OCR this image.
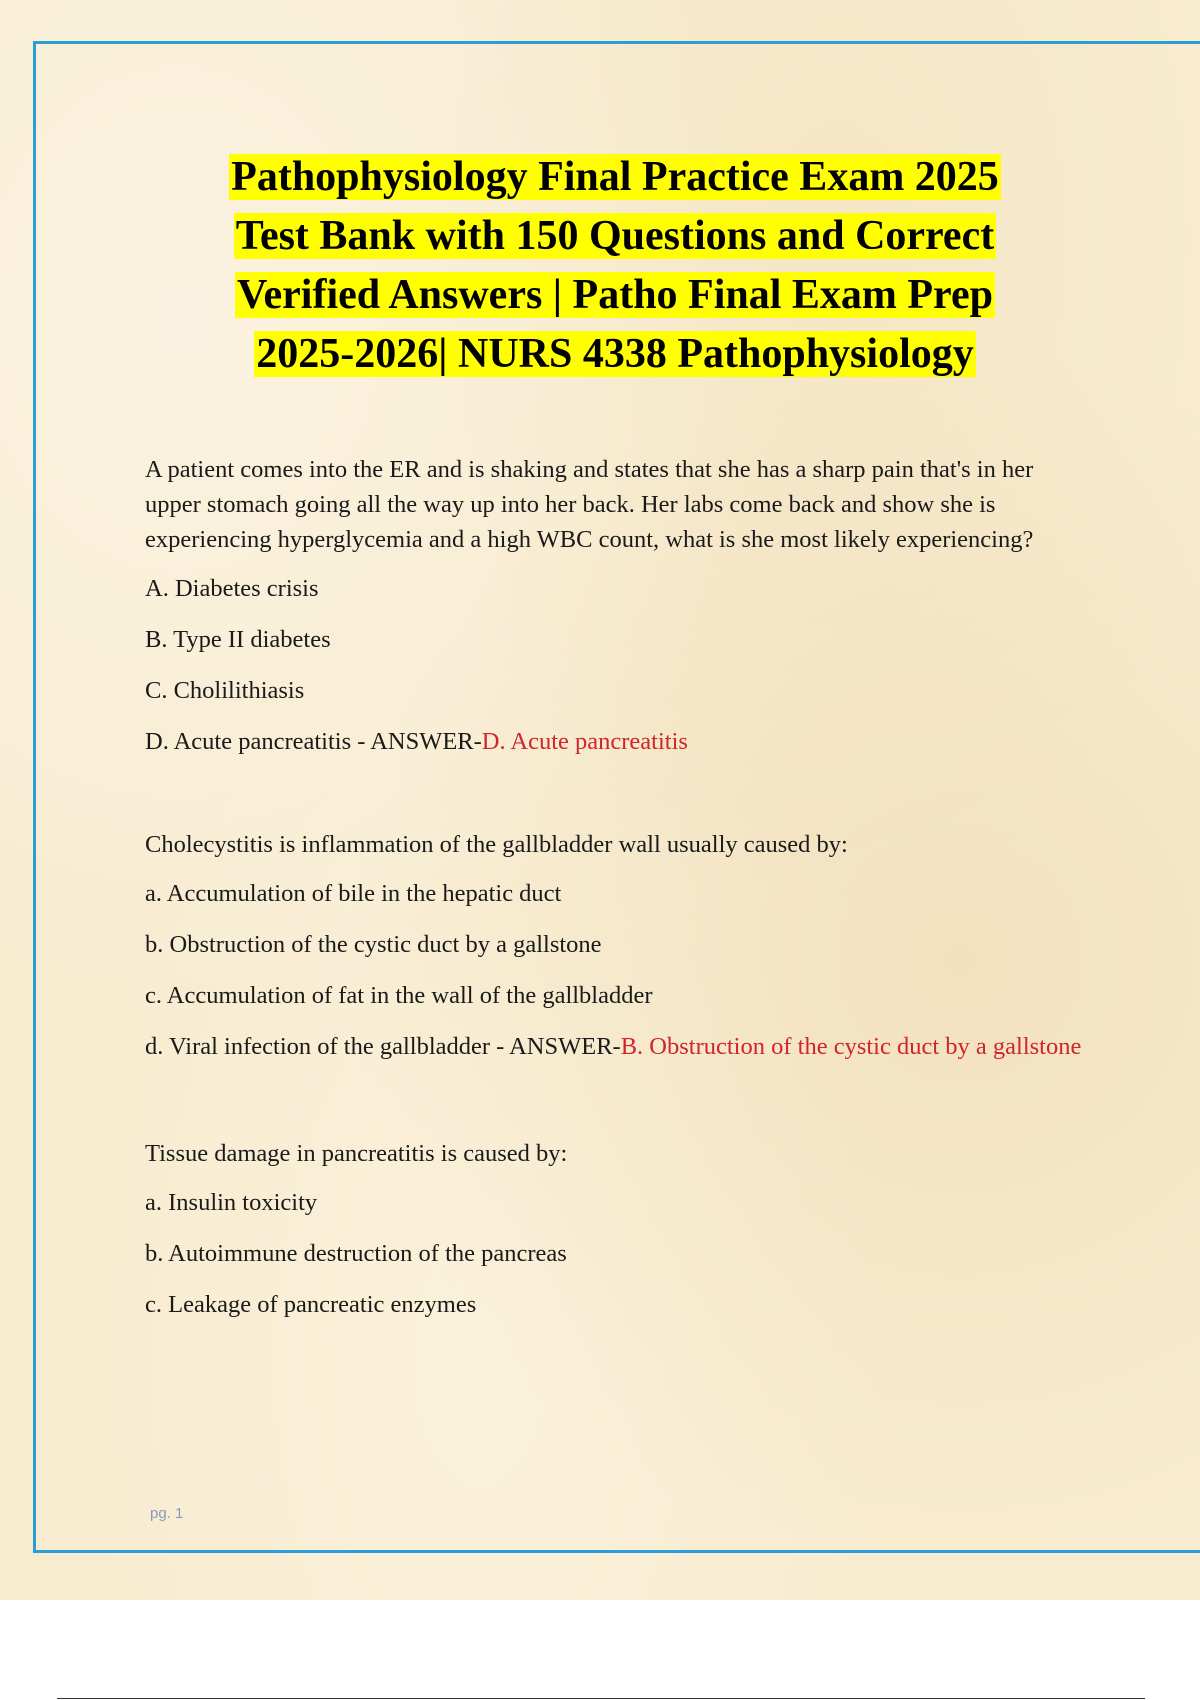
Pathophysiology Final Practice Exam 2025
Test Bank with 150 Questions and Correct
Verified Answers | Patho Final Exam Prep
2025-2026| NURS 4338 Pathophysiology

A patient comes into the ER and is shaking and states that she has a sharp pain that's in her upper stomach going all the way up into her back. Her labs come back and show she is experiencing hyperglycemia and a high WBC count, what is she most likely experiencing?

A. Diabetes crisis

B. Type II diabetes

C. Cholilithiasis

D. Acute pancreatitis - ANSWER-D. Acute pancreatitis

Cholecystitis is inflammation of the gallbladder wall usually caused by:

a. Accumulation of bile in the hepatic duct

b. Obstruction of the cystic duct by a gallstone

c. Accumulation of fat in the wall of the gallbladder

d. Viral infection of the gallbladder - ANSWER-B. Obstruction of the cystic duct by a gallstone

Tissue damage in pancreatitis is caused by:

a. Insulin toxicity

b. Autoimmune destruction of the pancreas

c. Leakage of pancreatic enzymes

pg. 1
